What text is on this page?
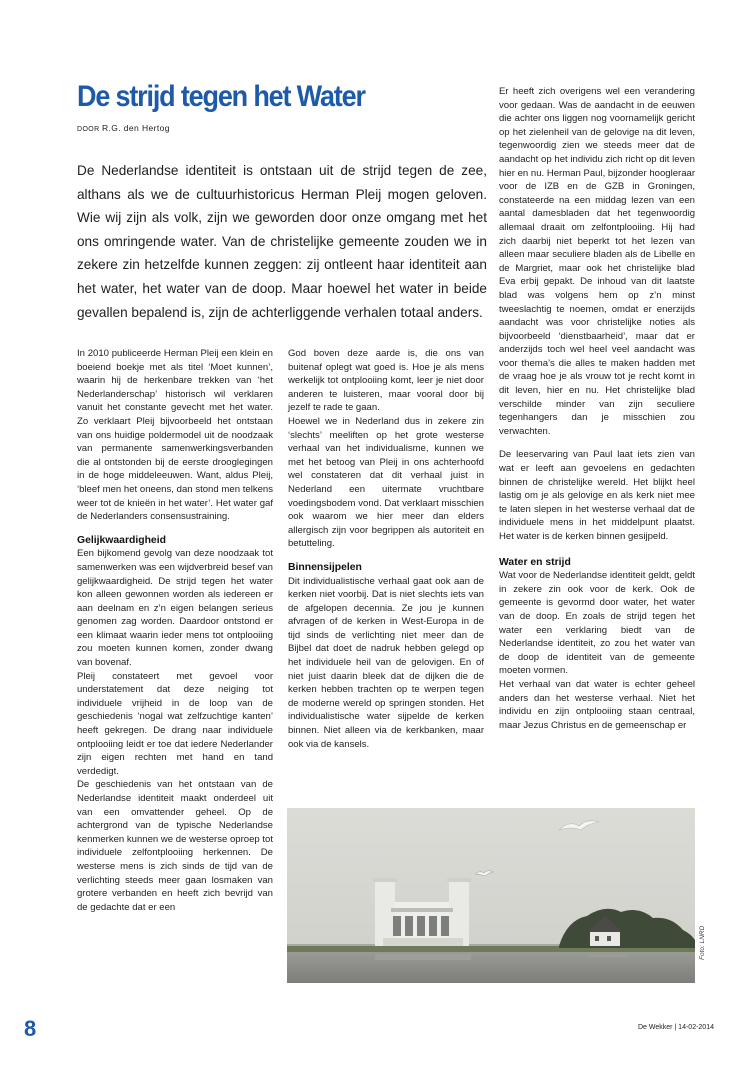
De strijd tegen het Water
DOOR R.G. den Hertog
De Nederlandse identiteit is ontstaan uit de strijd tegen de zee, althans als we de cultuurhistoricus Herman Pleij mogen geloven. Wie wij zijn als volk, zijn we geworden door onze omgang met het ons omringende water. Van de christelijke gemeente zouden we in zekere zin hetzelfde kunnen zeggen: zij ontleent haar identiteit aan het water, het water van de doop. Maar hoewel het water in beide gevallen bepalend is, zijn de achterliggende verhalen totaal anders.

In 2010 publiceerde Herman Pleij een klein en boeiend boekje met als titel ‘Moet kunnen’, waarin hij de herkenbare trekken van ‘het Nederlanderschap’ historisch wil verklaren vanuit het constante gevecht met het water. Zo verklaart Pleij bijvoorbeeld het ontstaan van ons huidige poldermodel uit de noodzaak van permanente samenwerkingsverbanden die al ontstonden bij de eerste drooglegingen in de hoge middeleeuwen. Want, aldus Pleij, ‘bleef men het oneens, dan stond men telkens weer tot de knieën in het water’. Het water gaf de Nederlanders consensustraining.

Gelijkwaardigheid

Een bijkomend gevolg van deze noodzaak tot samenwerken was een wijdverbreid besef van gelijkwaardigheid. De strijd tegen het water kon alleen gewonnen worden als iedereen er aan deelnam en z’n eigen belangen serieus genomen zag worden. Daardoor ontstond er een klimaat waarin ieder mens tot ontplooiing zou moeten kunnen komen, zonder dwang van bovenaf.

Pleij constateert met gevoel voor understatement dat deze neiging tot individuele vrijheid in de loop van de geschiedenis ‘nogal wat zelfzuchtige kanten’ heeft gekregen. De drang naar individuele ontplooiing leidt er toe dat iedere Nederlander zijn eigen rechten met hand en tand verdedigt.

De geschiedenis van het ontstaan van de Nederlandse identiteit maakt onderdeel uit van een omvattender geheel. Op de achtergrond van de typische Nederlandse kenmerken kunnen we de westerse oproep tot individuele zelfontplooiing herkennen. De westerse mens is zich sinds de tijd van de verlichting steeds meer gaan losmaken van grotere verbanden en heeft zich bevrijd van de gedachte dat er een

God boven deze aarde is, die ons van buitenaf oplegt wat goed is. Hoe je als mens werkelijk tot ontplooiing komt, leer je niet door anderen te luisteren, maar vooral door bij jezelf te rade te gaan.

Hoewel we in Nederland dus in zekere zin ‘slechts’ meeliften op het grote westerse verhaal van het individualisme, kunnen we met het betoog van Pleij in ons achterhoofd wel constateren dat dit verhaal juist in Nederland een uitermate vruchtbare voedingsbodem vond. Dat verklaart misschien ook waarom we hier meer dan elders allergisch zijn voor begrippen als autoriteit en betutteling.

Binnensijpelen

Dit individualistische verhaal gaat ook aan de kerken niet voorbij. Dat is niet slechts iets van de afgelopen decennia. Ze jou je kunnen afvragen of de kerken in West-Europa in de tijd sinds de verlichting niet meer dan de Bijbel dat doet de nadruk hebben gelegd op het individuele heil van de gelovigen. En of niet juist daarin bleek dat de dijken die de kerken hebben trachten op te werpen tegen de moderne wereld op springen stonden. Het individualistische water sijpelde de kerken binnen. Niet alleen via de kerkbanken, maar ook via de kansels.

Er heeft zich overigens wel een verandering voor gedaan. Was de aandacht in de eeuwen die achter ons liggen nog voornamelijk gericht op het zielenheil van de gelovige na dit leven, tegenwoordig zien we steeds meer dat de aandacht op het individu zich richt op dit leven hier en nu. Herman Paul, bijzonder hoogleraar voor de IZB en de GZB in Groningen, constateerde na een middag lezen van een aantal damesbladen dat het tegenwoordig allemaal draait om zelfontplooiing. Hij had zich daarbij niet beperkt tot het lezen van alleen maar seculiere bladen als de Libelle en de Margriet, maar ook het christelijke blad Eva erbij gepakt. De inhoud van dit laatste blad was volgens hem op z’n minst tweeslachtig te noemen, omdat er enerzijds aandacht was voor christelijke noties als bijvoorbeeld ‘dienstbaarheid’, maar dat er anderzijds toch wel heel veel aandacht was voor thema’s die alles te maken hadden met de vraag hoe je als vrouw tot je recht komt in dit leven, hier en nu. Het christelijke blad verschilde minder van zijn seculiere tegenhangers dan je misschien zou verwachten.

De leeservaring van Paul laat iets zien van wat er leeft aan gevoelens en gedachten binnen de christelijke wereld. Het blijkt heel lastig om je als gelovige en als kerk niet mee te laten slepen in het westerse verhaal dat de individuele mens in het middelpunt plaatst. Het water is de kerken binnen gesijpeld.

Water en strijd

Wat voor de Nederlandse identiteit geldt, geldt in zekere zin ook voor de kerk. Ook de gemeente is gevormd door water, het water van de doop. En zoals de strijd tegen het water een verklaring biedt van de Nederlandse identiteit, zo zou het water van de doop de identiteit van de gemeente moeten vormen.

Het verhaal van dat water is echter geheel anders dan het westerse verhaal. Niet het individu en zijn ontplooiing staan centraal, maar Jezus Christus en de gemeenschap er

Foto: LNRD
8	De Wekker | 14-02-2014
